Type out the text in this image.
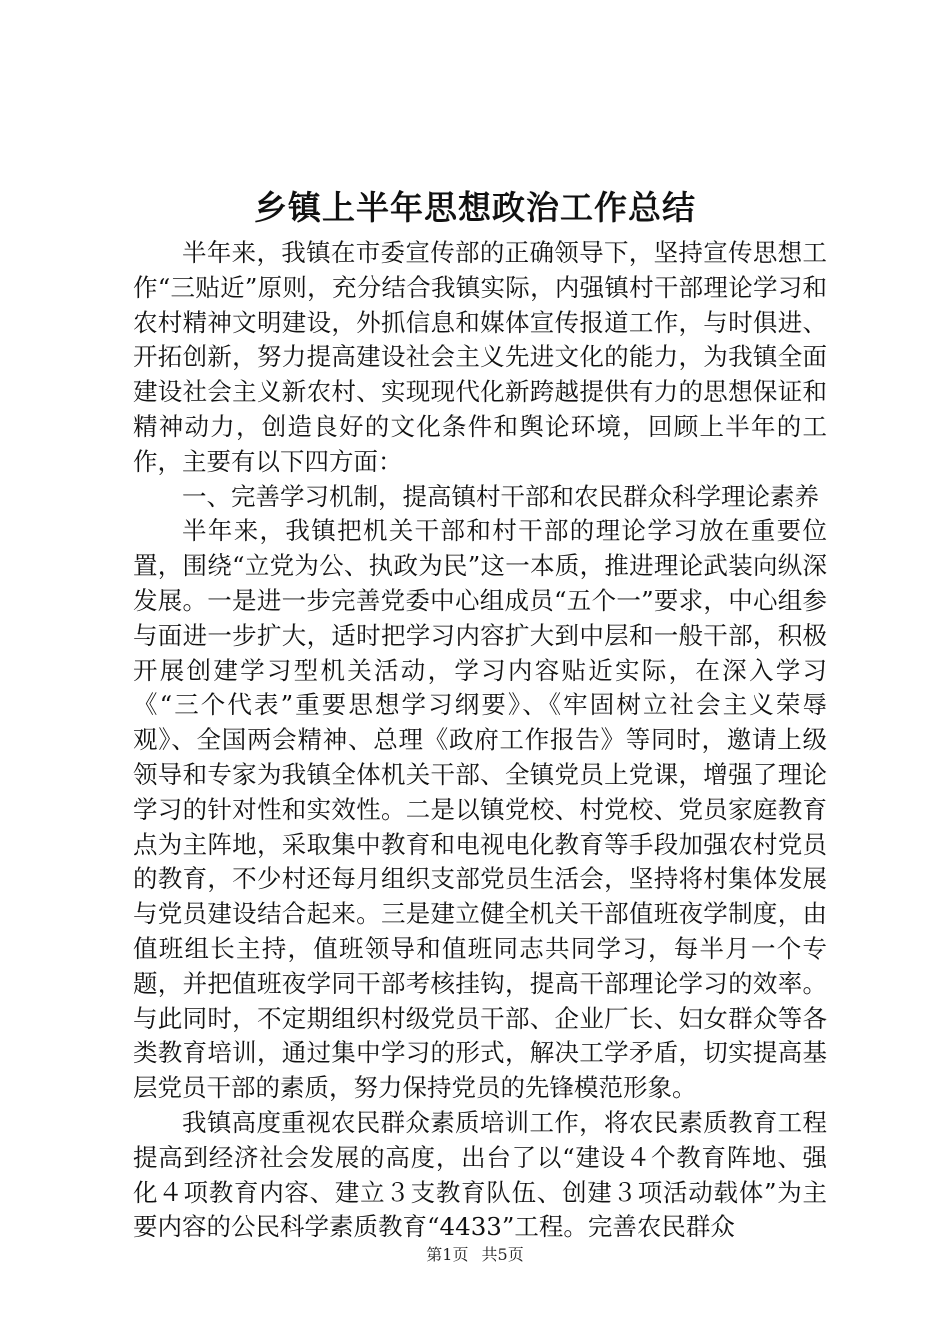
乡镇上半年思想政治工作总结

半年来，我镇在市委宣传部的正确领导下，坚持宣传思想工作“三贴近”原则，充分结合我镇实际，内强镇村干部理论学习和农村精神文明建设，外抓信息和媒体宣传报道工作，与时俱进、开拓创新，努力提高建设社会主义先进文化的能力，为我镇全面建设社会主义新农村、实现现代化新跨越提供有力的思想保证和精神动力，创造良好的文化条件和舆论环境，回顾上半年的工作，主要有以下四方面：

一、完善学习机制，提高镇村干部和农民群众科学理论素养

半年来，我镇把机关干部和村干部的理论学习放在重要位置，围绕“立党为公、执政为民”这一本质，推进理论武装向纵深发展。一是进一步完善党委中心组成员“五个一”要求，中心组参与面进一步扩大，适时把学习内容扩大到中层和一般干部，积极开展创建学习型机关活动，学习内容贴近实际，在深入学习《“三个代表”重要思想学习纲要》、《牢固树立社会主义荣辱观》、全国两会精神、总理《政府工作报告》等同时，邀请上级领导和专家为我镇全体机关干部、全镇党员上党课，增强了理论学习的针对性和实效性。二是以镇党校、村党校、党员家庭教育点为主阵地，采取集中教育和电视电化教育等手段加强农村党员的教育，不少村还每月组织支部党员生活会，坚持将村集体发展与党员建设结合起来。三是建立健全机关干部值班夜学制度，由值班组长主持，值班领导和值班同志共同学习，每半月一个专题，并把值班夜学同干部考核挂钩，提高干部理论学习的效率。与此同时，不定期组织村级党员干部、企业厂长、妇女群众等各类教育培训，通过集中学习的形式，解决工学矛盾，切实提高基层党员干部的素质，努力保持党员的先锋模范形象。

我镇高度重视农民群众素质培训工作，将农民素质教育工程提高到经济社会发展的高度，出台了以“建设４个教育阵地、强化４项教育内容、建立３支教育队伍、创建３项活动载体”为主要内容的公民科学素质教育“4433”工程。完善农民群众

第1页 共5页
